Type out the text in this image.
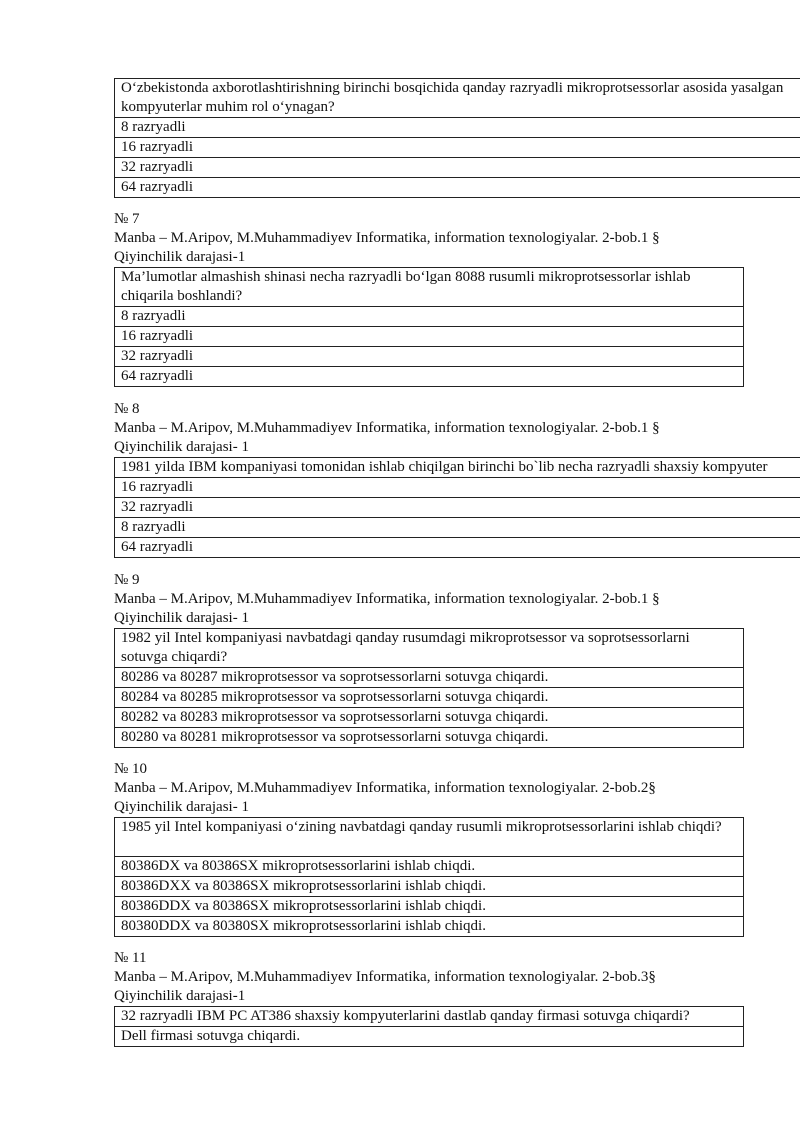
O‘zbekistonda axborotlashtirishning birinchi bosqichida qanday razryadli mikroprotsessorlar asosida yasalgan kompyuterlar muhim rol o‘ynagan?
8 razryadli
16 razryadli
32 razryadli
64 razryadli
№ 7
Manba – M.Aripov, M.Muhammadiyev Informatika, information texnologiyalar. 2-bob.1 §
Qiyinchilik darajasi-1
Ma’lumotlar almashish shinasi necha razryadli bo‘lgan 8088 rusumli mikroprotsessorlar ishlab chiqarila boshlandi?
8 razryadli
16 razryadli
32 razryadli
64 razryadli
№ 8
Manba – M.Aripov, M.Muhammadiyev Informatika, information texnologiyalar. 2-bob.1 §
Qiyinchilik darajasi- 1
1981 yilda IBM kompaniyasi tomonidan ishlab chiqilgan birinchi bo`lib necha razryadli shaxsiy kompyuter
16 razryadli
32 razryadli
8 razryadli
64 razryadli
№ 9
Manba – M.Aripov, M.Muhammadiyev Informatika, information texnologiyalar. 2-bob.1 §
Qiyinchilik darajasi- 1
1982 yil Intel kompaniyasi navbatdagi qanday rusumdagi mikroprotsessor va soprotsessorlarni sotuvga chiqardi?
80286 va 80287 mikroprotsessor va soprotsessorlarni sotuvga chiqardi.
80284 va 80285 mikroprotsessor va soprotsessorlarni sotuvga chiqardi.
80282 va 80283 mikroprotsessor va soprotsessorlarni sotuvga chiqardi.
80280 va 80281 mikroprotsessor va soprotsessorlarni sotuvga chiqardi.
№ 10
Manba – M.Aripov, M.Muhammadiyev Informatika, information texnologiyalar. 2-bob.2§
Qiyinchilik darajasi- 1
1985 yil Intel kompaniyasi o‘zining navbatdagi qanday rusumli mikroprotsessorlarini ishlab chiqdi?
80386DX va 80386SX mikroprotsessorlarini ishlab chiqdi.
80386DXX va 80386SX mikroprotsessorlarini ishlab chiqdi.
80386DDX va 80386SX mikroprotsessorlarini ishlab chiqdi.
80380DDX va 80380SX mikroprotsessorlarini ishlab chiqdi.
№ 11
Manba – M.Aripov, M.Muhammadiyev Informatika, information texnologiyalar. 2-bob.3§
Qiyinchilik darajasi-1
32 razryadli IBM PC AT386 shaxsiy kompyuterlarini dastlab qanday firmasi sotuvga chiqardi?
Dell firmasi sotuvga chiqardi.
